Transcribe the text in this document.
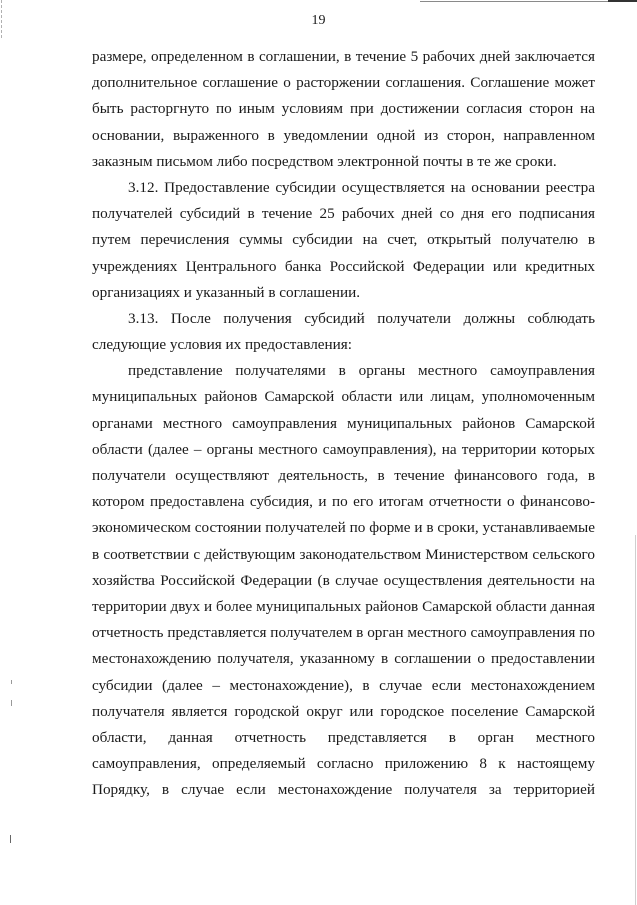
19
размере, определенном в соглашении, в течение 5 рабочих дней заключается
дополнительное соглашение о расторжении соглашения. Соглашение может
быть расторгнуто по иным условиям при достижении согласия сторон на
основании, выраженного в уведомлении одной из сторон, направленном
заказным письмом либо посредством электронной почты в те же сроки.
3.12. Предоставление субсидии осуществляется на основании реестра
получателей субсидий в течение 25 рабочих дней со дня его подписания
путем перечисления суммы субсидии на счет, открытый получателю в
учреждениях Центрального банка Российской Федерации или кредитных
организациях и указанный в соглашении.
3.13. После получения субсидий получатели должны соблюдать
следующие условия их предоставления:
представление получателями в органы местного самоуправления
муниципальных районов Самарской области или лицам, уполномоченным
органами местного самоуправления муниципальных районов Самарской
области (далее – органы местного самоуправления), на территории которых
получатели осуществляют деятельность, в течение финансового года, в
котором предоставлена субсидия, и по его итогам отчетности о финансово-
экономическом состоянии получателей по форме и в сроки, устанавливаемые
в соответствии с действующим законодательством Министерством сельского
хозяйства Российской Федерации (в случае осуществления деятельности на
территории двух и более муниципальных районов Самарской области данная
отчетность представляется получателем в орган местного самоуправления по
местонахождению получателя, указанному в соглашении о предоставлении
субсидии (далее – местонахождение), в случае если местонахождением
получателя является городской округ или городское поселение Самарской
области, данная отчетность представляется в орган местного
самоуправления, определяемый согласно приложению 8 к настоящему
Порядку, в случае если местонахождение получателя за территорией
